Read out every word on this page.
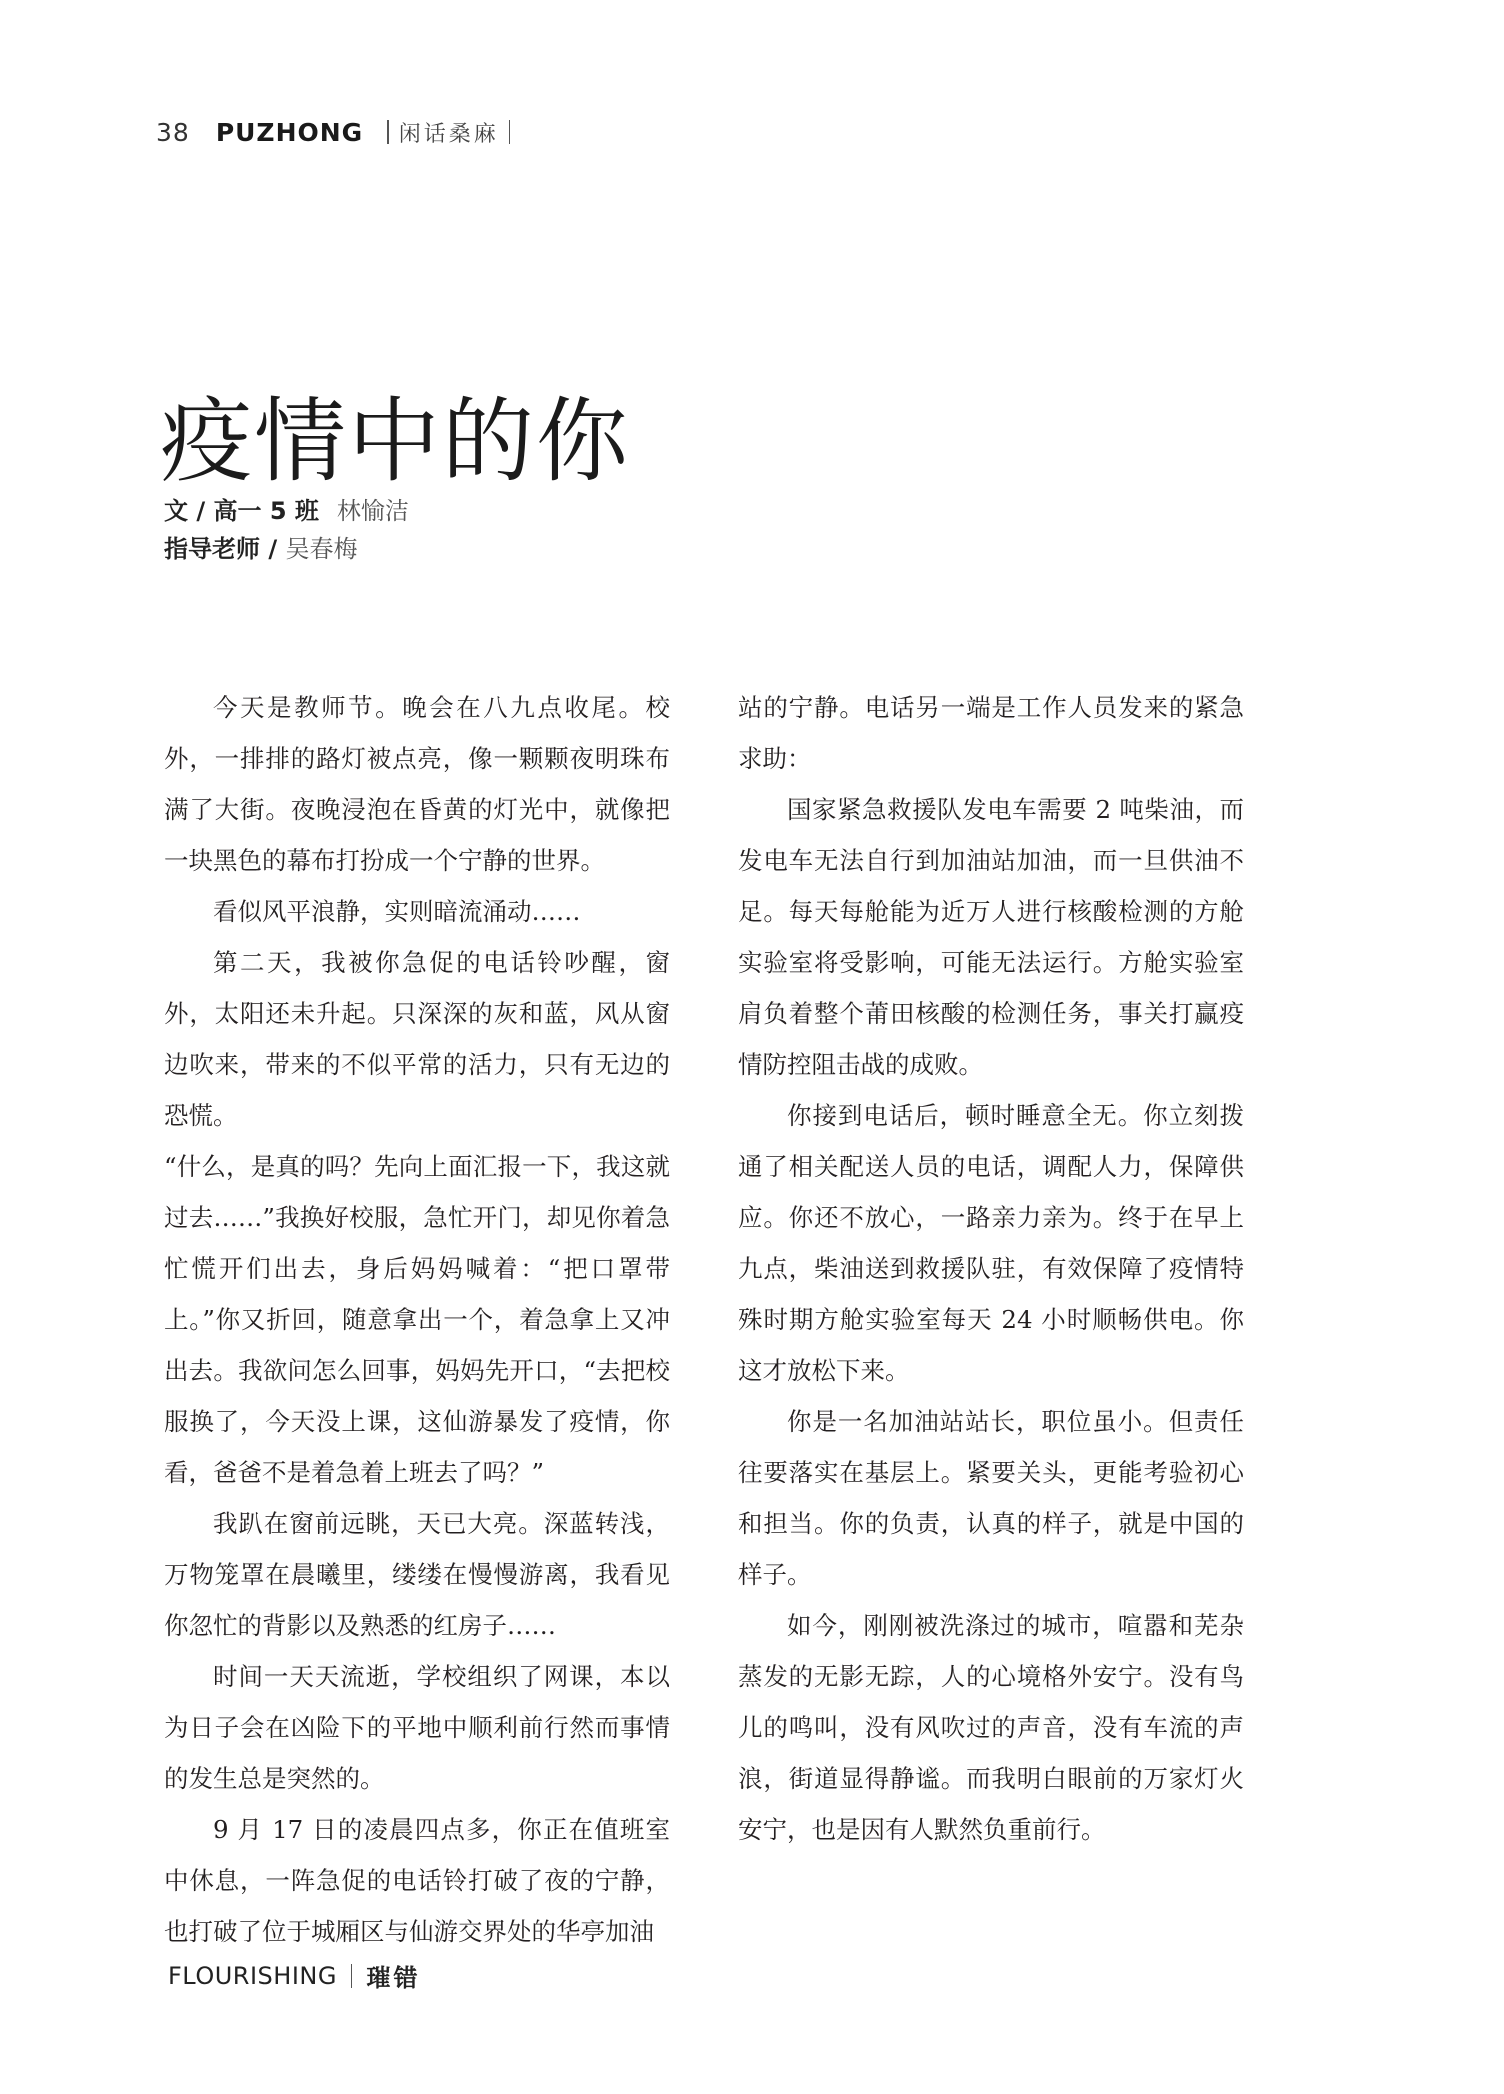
38 PUZHONG 闲话桑麻
疫情中的你
文 / 高一 5 班 林愉洁
指导老师 / 吴春梅

今天是教师节。晚会在八九点收尾。校外，一排排的路灯被点亮，像一颗颗夜明珠布满了大街。夜晚浸泡在昏黄的灯光中，就像把一块黑色的幕布打扮成一个宁静的世界。

看似风平浪静，实则暗流涌动……

第二天，我被你急促的电话铃吵醒，窗外，太阳还未升起。只深深的灰和蓝，风从窗边吹来，带来的不似平常的活力，只有无边的恐慌。

“什么，是真的吗？先向上面汇报一下，我这就过去……”我换好校服，急忙开门，却见你着急忙慌开们出去，身后妈妈喊着：“把口罩带上。”你又折回，随意拿出一个，着急拿上又冲出去。我欲问怎么回事，妈妈先开口，“去把校服换了，今天没上课，这仙游暴发了疫情，你看，爸爸不是着急着上班去了吗？”

我趴在窗前远眺，天已大亮。深蓝转浅，万物笼罩在晨曦里，缕缕在慢慢游离，我看见你忽忙的背影以及熟悉的红房子……

时间一天天流逝，学校组织了网课，本以为日子会在凶险下的平地中顺利前行然而事情的发生总是突然的。

9 月 17 日的凌晨四点多，你正在值班室中休息，一阵急促的电话铃打破了夜的宁静，也打破了位于城厢区与仙游交界处的华亭加油

站的宁静。电话另一端是工作人员发来的紧急求助：

国家紧急救援队发电车需要 2 吨柴油，而发电车无法自行到加油站加油，而一旦供油不足。每天每舱能为近万人进行核酸检测的方舱实验室将受影响，可能无法运行。方舱实验室肩负着整个莆田核酸的检测任务，事关打赢疫情防控阻击战的成败。

你接到电话后，顿时睡意全无。你立刻拨通了相关配送人员的电话，调配人力，保障供应。你还不放心，一路亲力亲为。终于在早上九点，柴油送到救援队驻，有效保障了疫情特殊时期方舱实验室每天 24 小时顺畅供电。你这才放松下来。

你是一名加油站站长，职位虽小。但责任往要落实在基层上。紧要关头，更能考验初心和担当。你的负责，认真的样子，就是中国的样子。

如今，刚刚被洗涤过的城市，喧嚣和芜杂蒸发的无影无踪，人的心境格外安宁。没有鸟儿的鸣叫，没有风吹过的声音，没有车流的声浪，街道显得静谧。而我明白眼前的万家灯火安宁，也是因有人默然负重前行。

FLOURISHING 璀错
